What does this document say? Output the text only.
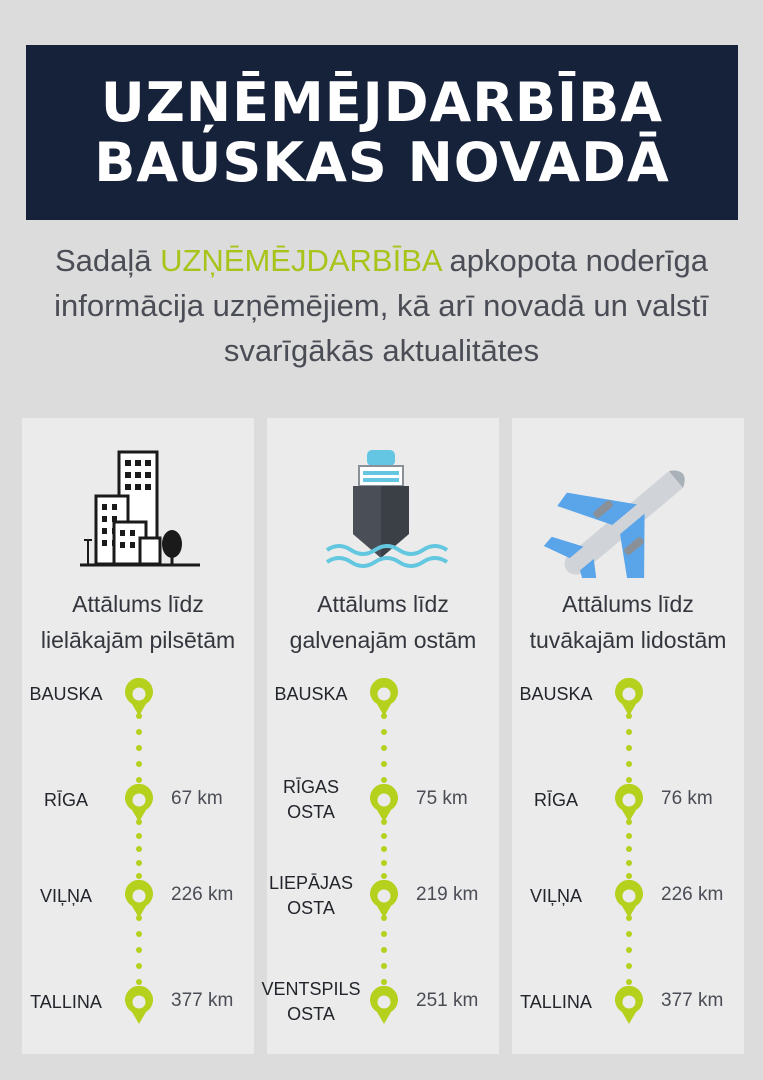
UZŅĒMĒJDARBĪBA
BAUSKAS NOVADĀ
Sadaļā UZŅĒMĒJDARBĪBA apkopota noderīga
informācija uzņēmējiem, kā arī novadā un valstī
svarīgākās aktualitātes
Attālums līdz
lielākajām pilsētām
BAUSKA
RĪGA	67 km
VIĻŅA	226 km
TALLINA	377 km
Attālums līdz
galvenajām ostām
BAUSKA
RĪGAS
OSTA
75 km
LIEPĀJAS
OSTA
219 km
VENTSPILS
OSTA
251 km
Attālums līdz
tuvākajām lidostām
BAUSKA
RĪGA	76 km
VIĻŅA	226 km
TALLINA	377 km
